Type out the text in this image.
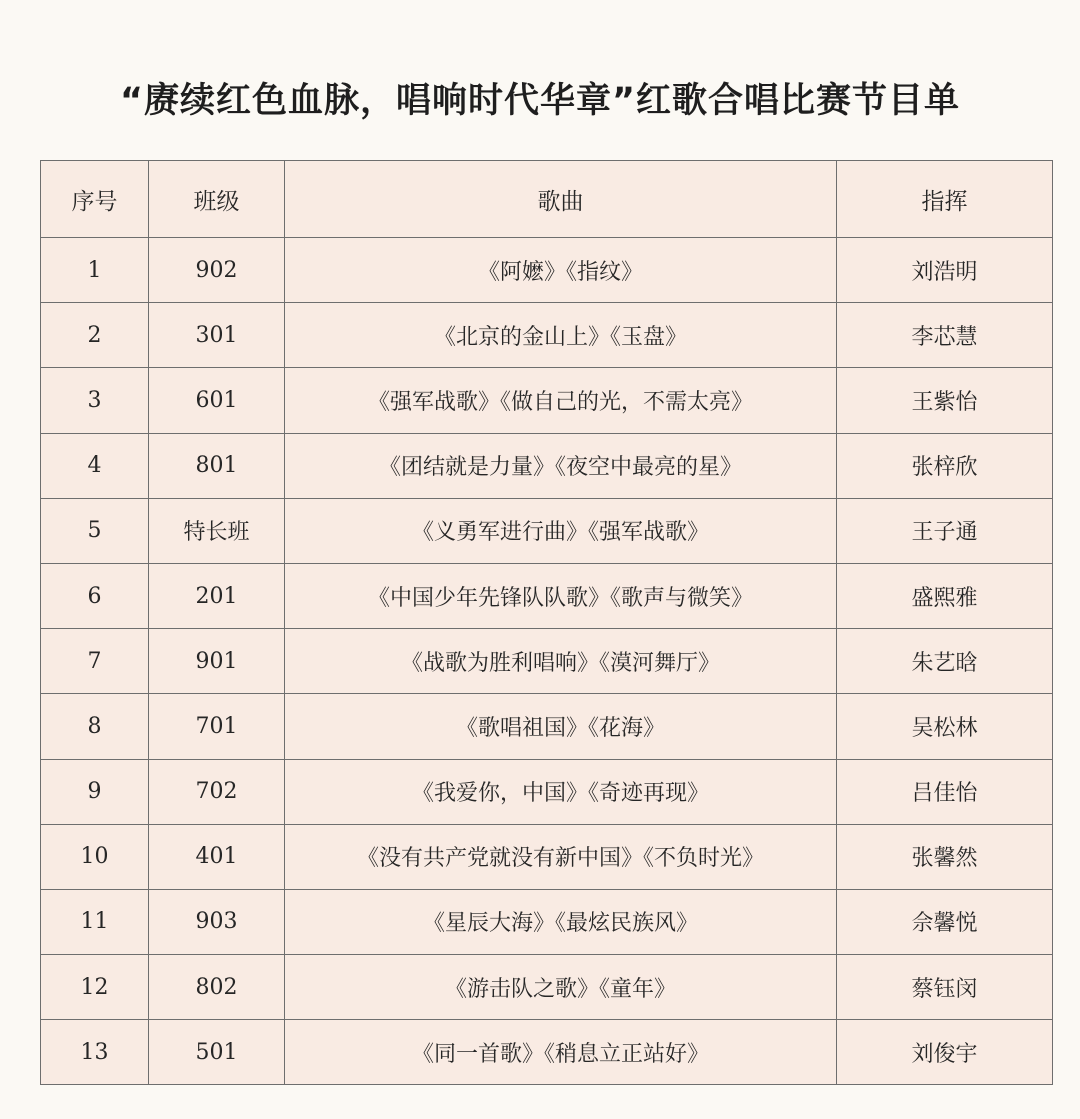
“赓续红色血脉，唱响时代华章”红歌合唱比赛节目单
序号	班级	歌曲	指挥
1	902	《阿嬷》《指纹》	刘浩明
2	301	《北京的金山上》《玉盘》	李芯慧
3	601	《强军战歌》《做自己的光，不需太亮》	王紫怡
4	801	《团结就是力量》《夜空中最亮的星》	张梓欣
5	特长班	《义勇军进行曲》《强军战歌》	王子通
6	201	《中国少年先锋队队歌》《歌声与微笑》	盛熙雅
7	901	《战歌为胜利唱响》《漠河舞厅》	朱艺晗
8	701	《歌唱祖国》《花海》	吴松林
9	702	《我爱你，中国》《奇迹再现》	吕佳怡
10	401	《没有共产党就没有新中国》《不负时光》	张馨然
11	903	《星辰大海》《最炫民族风》	佘馨悦
12	802	《游击队之歌》《童年》	蔡钰闵
13	501	《同一首歌》《稍息立正站好》	刘俊宇
